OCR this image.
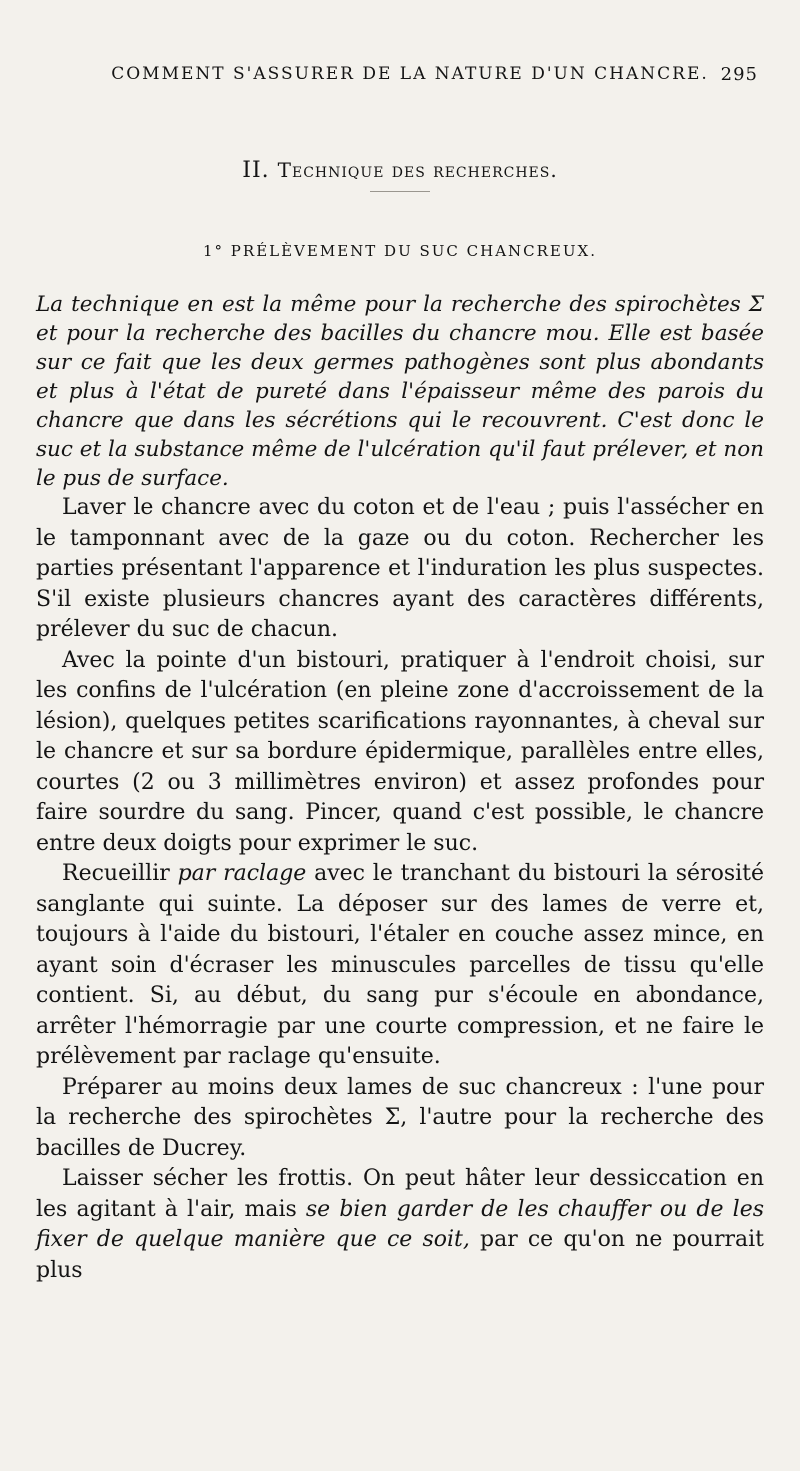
COMMENT S'ASSURER DE LA NATURE D'UN CHANCRE. 295
II. Technique des recherches.
1° PRÉLÈVEMENT DU SUC CHANCREUX.

La technique en est la même pour la recherche des spirochètes Σ et pour la recherche des bacilles du chancre mou. Elle est basée sur ce fait que les deux germes pathogènes sont plus abondants et plus à l'état de pureté dans l'épaisseur même des parois du chancre que dans les sécrétions qui le recouvrent. C'est donc le suc et la substance même de l'ulcération qu'il faut prélever, et non le pus de surface.

Laver le chancre avec du coton et de l'eau ; puis l'assécher en le tamponnant avec de la gaze ou du coton. Rechercher les parties présentant l'apparence et l'induration les plus suspectes. S'il existe plusieurs chancres ayant des caractères différents, prélever du suc de chacun.

Avec la pointe d'un bistouri, pratiquer à l'endroit choisi, sur les confins de l'ulcération (en pleine zone d'accroissement de la lésion), quelques petites scarifications rayonnantes, à cheval sur le chancre et sur sa bordure épidermique, parallèles entre elles, courtes (2 ou 3 millimètres environ) et assez profondes pour faire sourdre du sang. Pincer, quand c'est possible, le chancre entre deux doigts pour exprimer le suc.

Recueillir par raclage avec le tranchant du bistouri la sérosité sanglante qui suinte. La déposer sur des lames de verre et, toujours à l'aide du bistouri, l'étaler en couche assez mince, en ayant soin d'écraser les minuscules parcelles de tissu qu'elle contient. Si, au début, du sang pur s'écoule en abondance, arrêter l'hémorragie par une courte compression, et ne faire le prélèvement par raclage qu'ensuite.

Préparer au moins deux lames de suc chancreux : l'une pour la recherche des spirochètes Σ, l'autre pour la recherche des bacilles de Ducrey.

Laisser sécher les frottis. On peut hâter leur dessiccation en les agitant à l'air, mais se bien garder de les chauffer ou de les fixer de quelque manière que ce soit, par ce qu'on ne pourrait plus
